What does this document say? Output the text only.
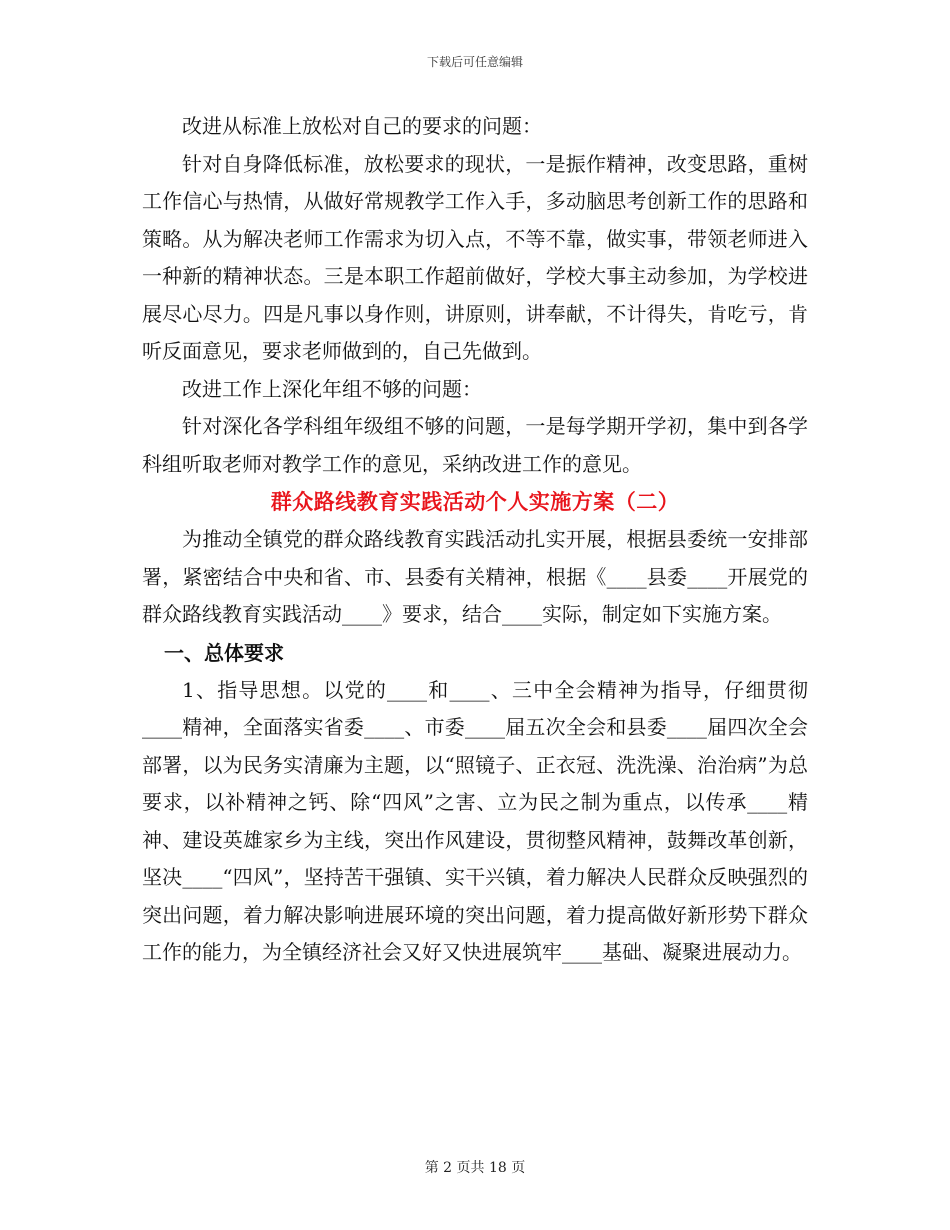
下载后可任意编辑

改进从标准上放松对自己的要求的问题：

针对自身降低标准，放松要求的现状，一是振作精神，改变思路，重树工作信心与热情，从做好常规教学工作入手，多动脑思考创新工作的思路和策略。从为解决老师工作需求为切入点，不等不靠，做实事，带领老师进入一种新的精神状态。三是本职工作超前做好，学校大事主动参加，为学校进展尽心尽力。四是凡事以身作则，讲原则，讲奉献，不计得失，肯吃亏，肯听反面意见，要求老师做到的，自己先做到。

改进工作上深化年组不够的问题：

针对深化各学科组年级组不够的问题，一是每学期开学初，集中到各学科组听取老师对教学工作的意见，采纳改进工作的意见。

群众路线教育实践活动个人实施方案（二）

为推动全镇党的群众路线教育实践活动扎实开展，根据县委统一安排部署，紧密结合中央和省、市、县委有关精神，根据《____县委____开展党的群众路线教育实践活动____》要求，结合____实际，制定如下实施方案。

一、总体要求

1、指导思想。以党的____和____、三中全会精神为指导，仔细贯彻____精神，全面落实省委____、市委____届五次全会和县委____届四次全会部署，以为民务实清廉为主题，以“照镜子、正衣冠、洗洗澡、治治病”为总要求，以补精神之钙、除“四风”之害、立为民之制为重点，以传承____精神、建设英雄家乡为主线，突出作风建设，贯彻整风精神，鼓舞改革创新，坚决____“四风”，坚持苦干强镇、实干兴镇，着力解决人民群众反映强烈的突出问题，着力解决影响进展环境的突出问题，着力提高做好新形势下群众工作的能力，为全镇经济社会又好又快进展筑牢____基础、凝聚进展动力。

第 2 页共 18 页
